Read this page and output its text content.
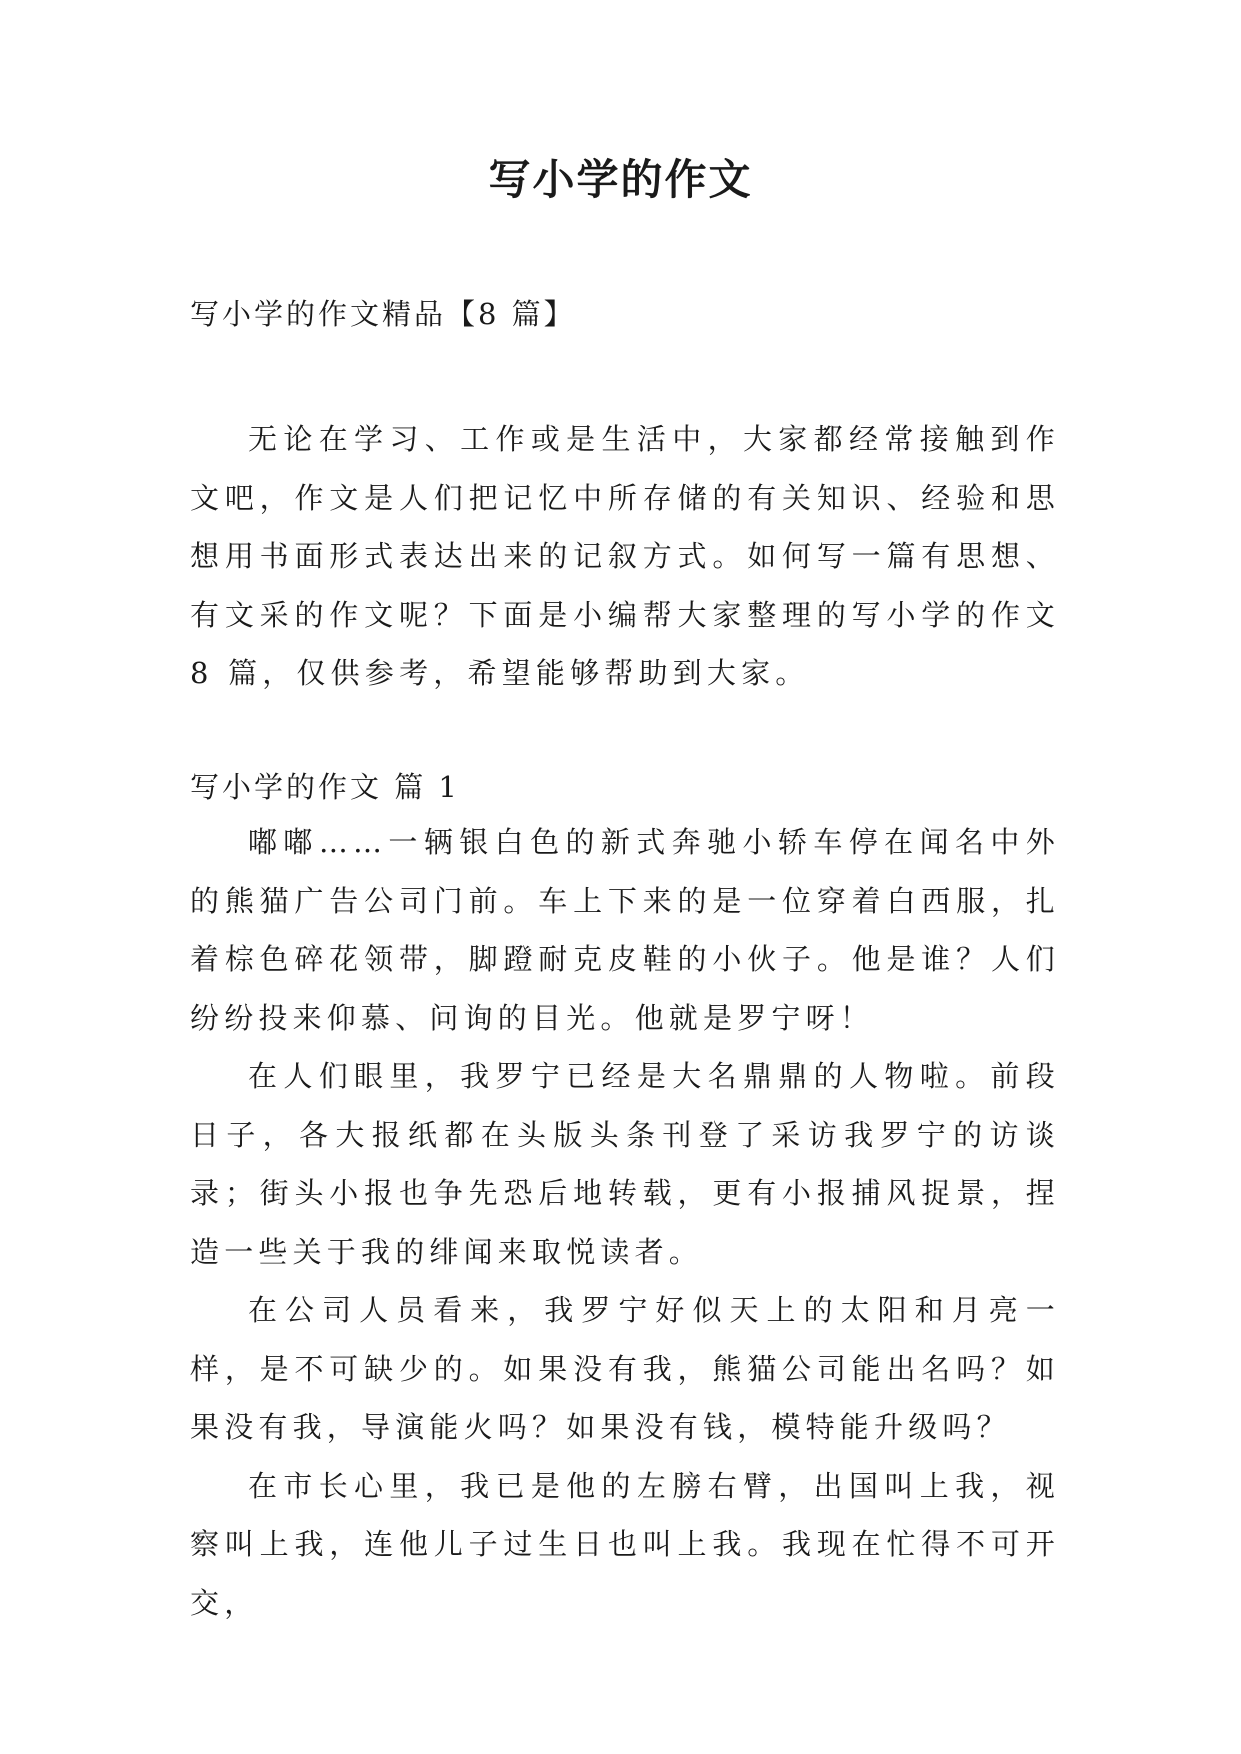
写小学的作文
写小学的作文精品【8 篇】

无论在学习、工作或是生活中，大家都经常接触到作文吧，作文是人们把记忆中所存储的有关知识、经验和思想用书面形式表达出来的记叙方式。如何写一篇有思想、有文采的作文呢？下面是小编帮大家整理的写小学的作文 8 篇，仅供参考，希望能够帮助到大家。

写小学的作文 篇 1

嘟嘟……一辆银白色的新式奔驰小轿车停在闻名中外的熊猫广告公司门前。车上下来的是一位穿着白西服，扎着棕色碎花领带，脚蹬耐克皮鞋的小伙子。他是谁？人们纷纷投来仰慕、问询的目光。他就是罗宁呀！

在人们眼里，我罗宁已经是大名鼎鼎的人物啦。前段日子，各大报纸都在头版头条刊登了采访我罗宁的访谈录；街头小报也争先恐后地转载，更有小报捕风捉景，捏造一些关于我的绯闻来取悦读者。

在公司人员看来，我罗宁好似天上的太阳和月亮一样，是不可缺少的。如果没有我，熊猫公司能出名吗？如果没有我，导演能火吗？如果没有钱，模特能升级吗？

在市长心里，我已是他的左膀右臂，出国叫上我，视察叫上我，连他儿子过生日也叫上我。我现在忙得不可开交，
